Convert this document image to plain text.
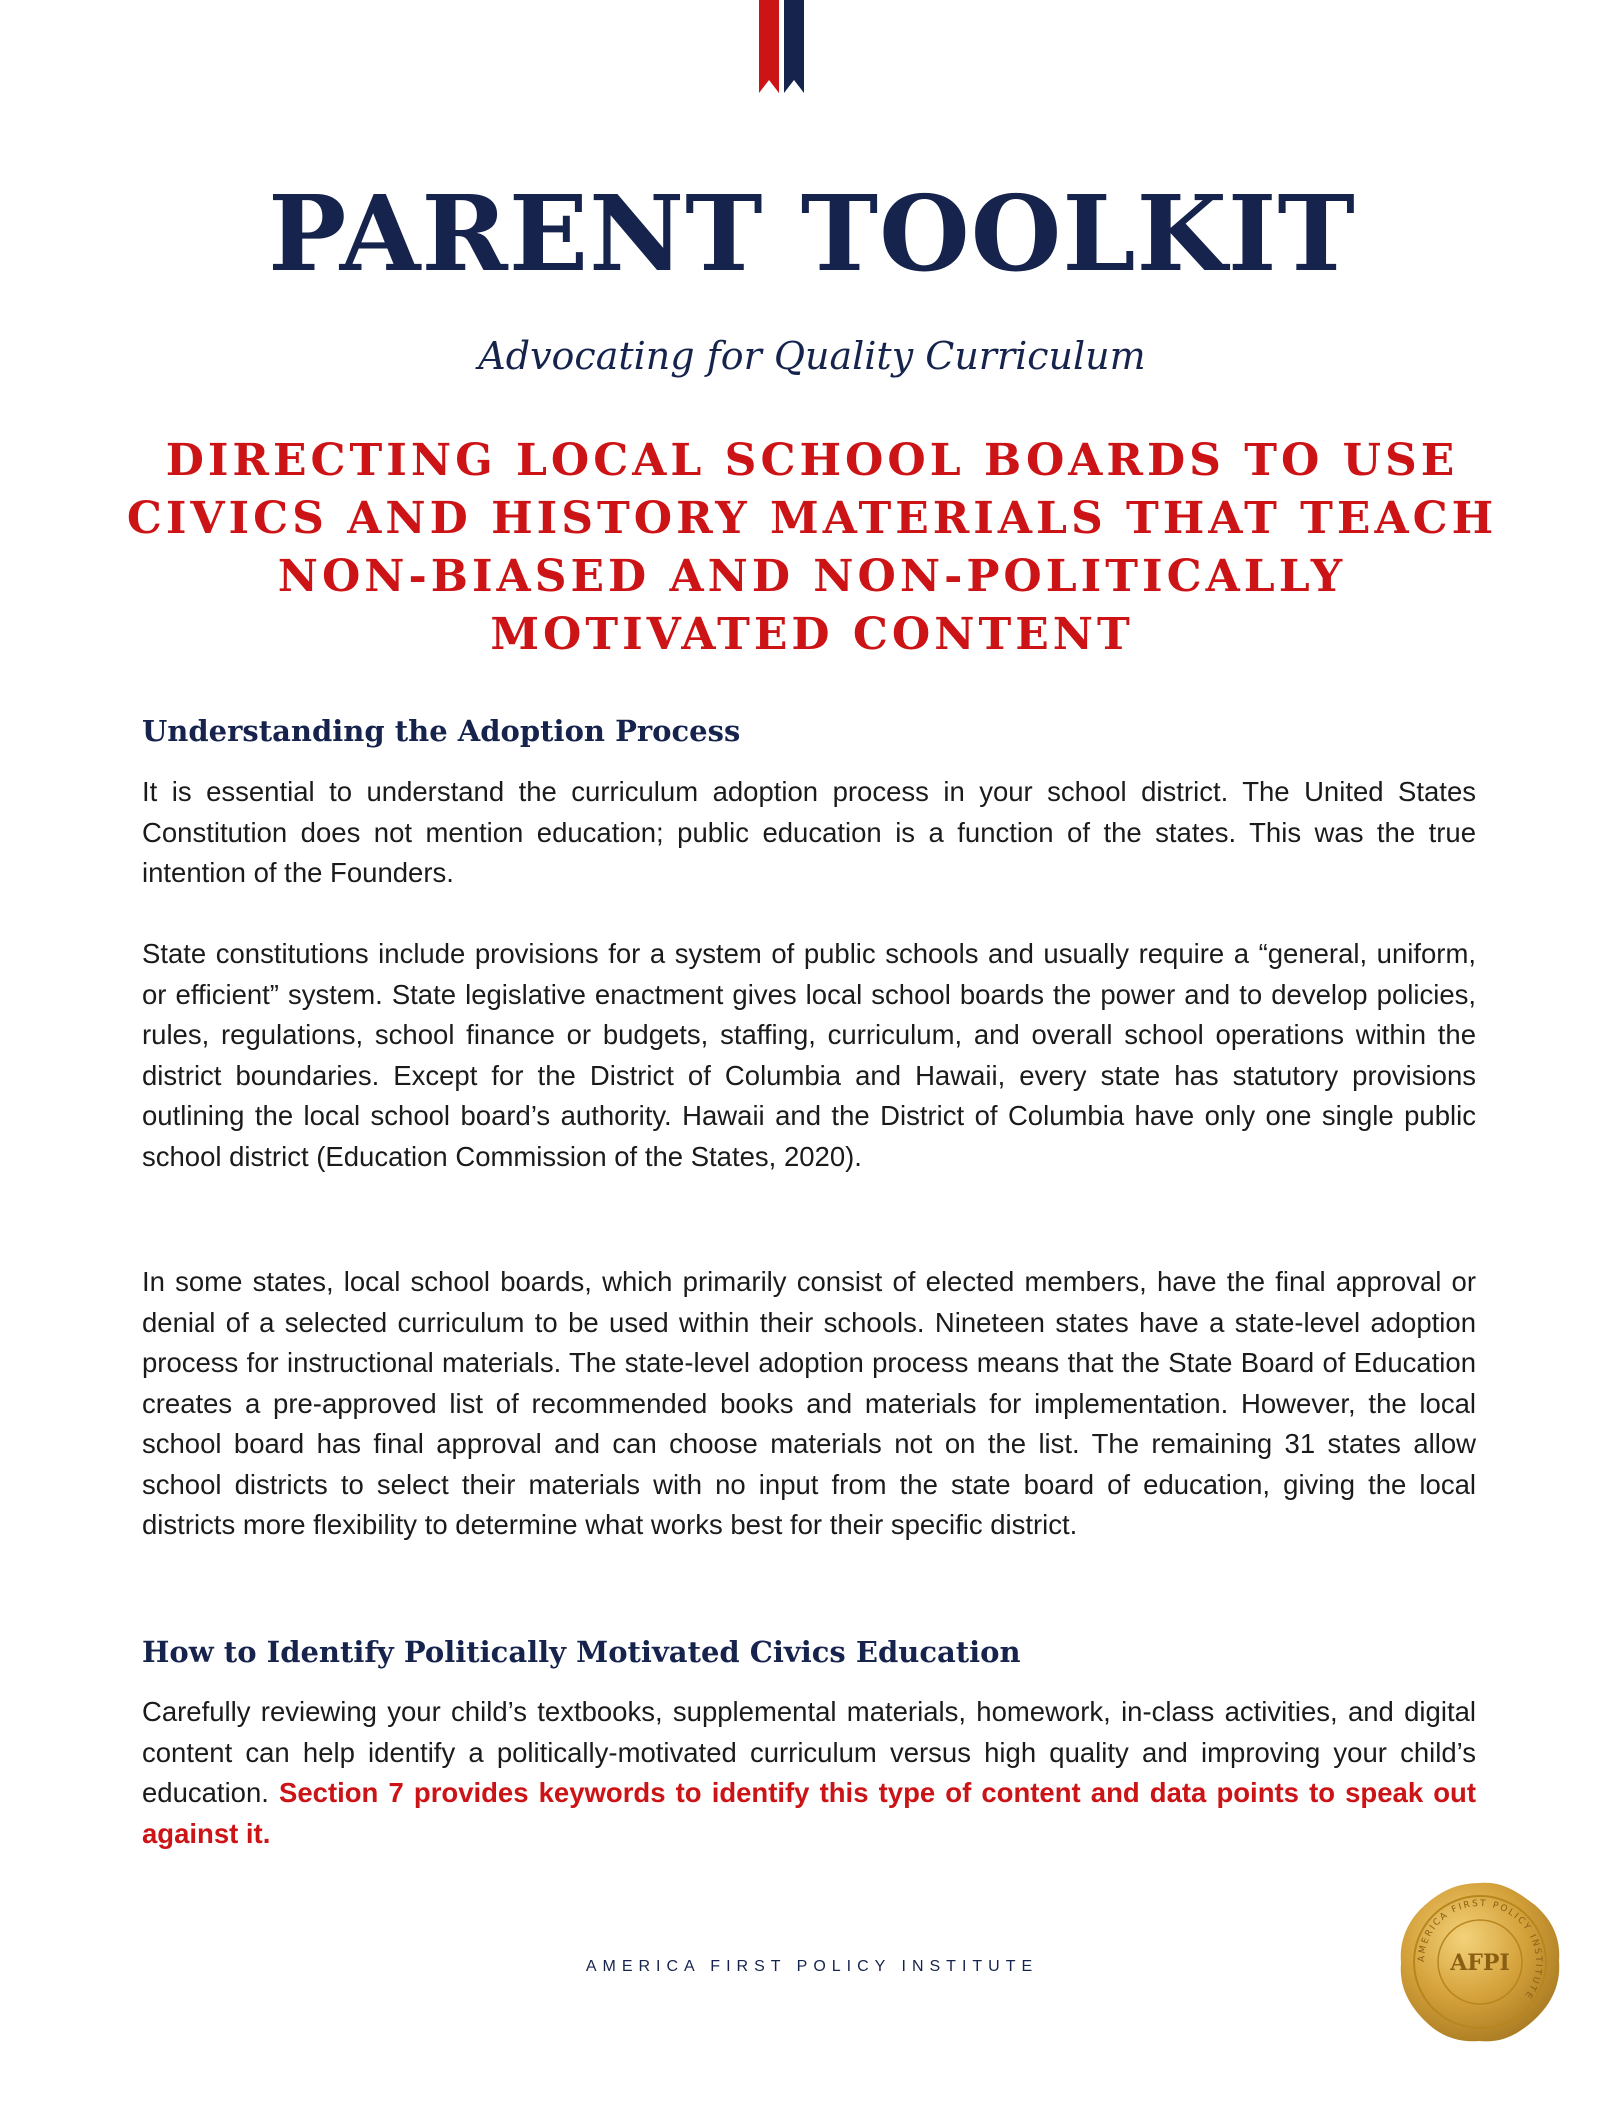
PARENT TOOLKIT

Advocating for Quality Curriculum

DIRECTING LOCAL SCHOOL BOARDS TO USE CIVICS AND HISTORY MATERIALS THAT TEACH NON-BIASED AND NON-POLITICALLY MOTIVATED CONTENT
Understanding the Adoption Process

It is essential to understand the curriculum adoption process in your school district. The United States Constitution does not mention education; public education is a function of the states. This was the true intention of the Founders.

State constitutions include provisions for a system of public schools and usually require a “general, uniform, or efficient” system. State legislative enactment gives local school boards the power and to develop policies, rules, regulations, school finance or budgets, staffing, curriculum, and overall school operations within the district boundaries. Except for the District of Columbia and Hawaii, every state has statutory provisions outlining the local school board’s authority. Hawaii and the District of Columbia have only one single public school district (Education Commission of the States, 2020).

In some states, local school boards, which primarily consist of elected members, have the final approval or denial of a selected curriculum to be used within their schools. Nineteen states have a state-level adoption process for instructional materials. The state-level adoption process means that the State Board of Education creates a pre-approved list of recommended books and materials for implementation. However, the local school board has final approval and can choose materials not on the list. The remaining 31 states allow school districts to select their materials with no input from the state board of education, giving the local districts more flexibility to determine what works best for their specific district.

How to Identify Politically Motivated Civics Education

Carefully reviewing your child’s textbooks, supplemental materials, homework, in-class activities, and digital content can help identify a politically-motivated curriculum versus high quality and improving your child’s education. Section 7 provides keywords to identify this type of content and data points to speak out against it.

AMERICA FIRST POLICY INSTITUTE

AMERICA FIRST POLICY INSTITUTE
AFPI
